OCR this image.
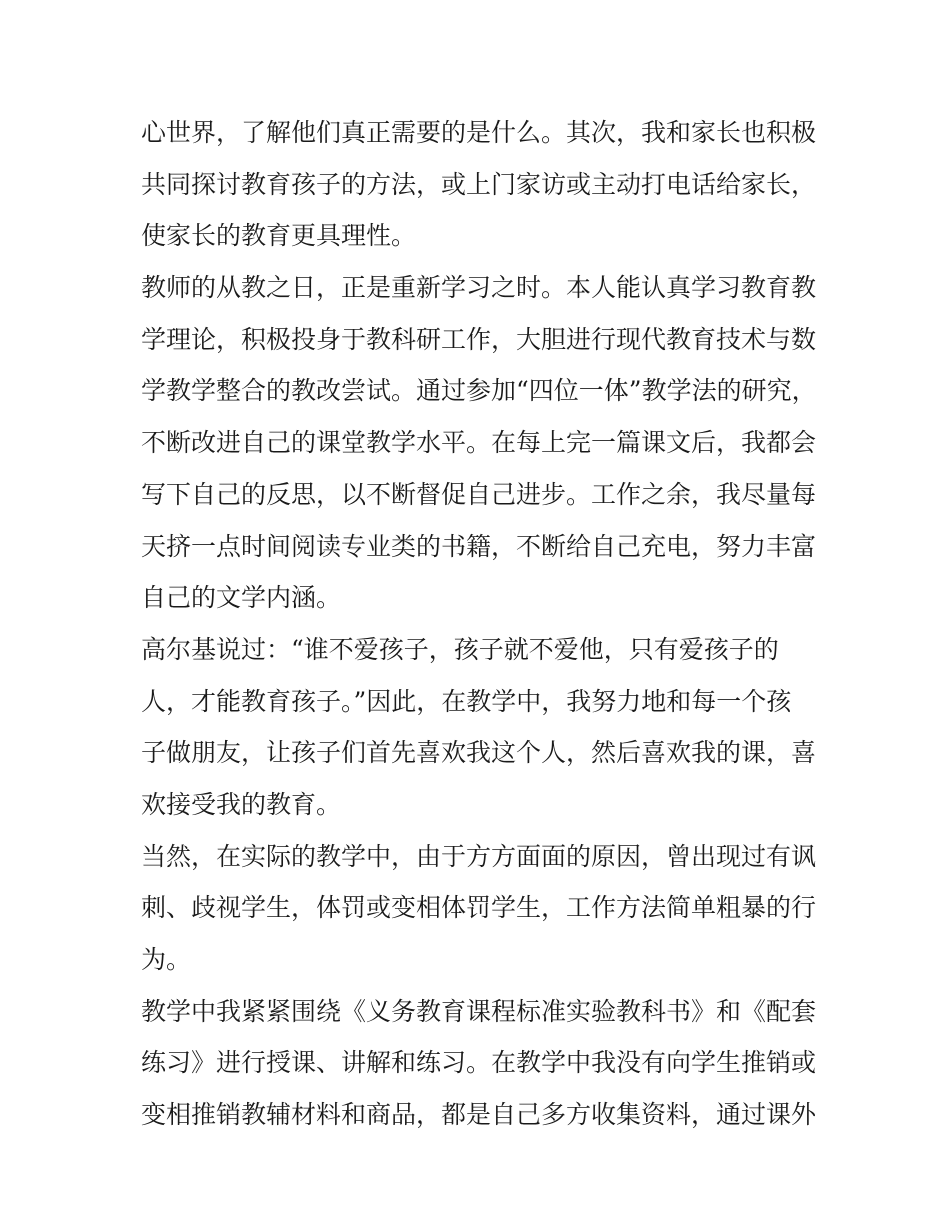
心世界，了解他们真正需要的是什么。其次，我和家长也积极
共同探讨教育孩子的方法，或上门家访或主动打电话给家长，
使家长的教育更具理性。
教师的从教之日，正是重新学习之时。本人能认真学习教育教
学理论，积极投身于教科研工作，大胆进行现代教育技术与数
学教学整合的教改尝试。通过参加“四位一体”教学法的研究，
不断改进自己的课堂教学水平。在每上完一篇课文后，我都会
写下自己的反思，以不断督促自己进步。工作之余，我尽量每
天挤一点时间阅读专业类的书籍，不断给自己充电，努力丰富
自己的文学内涵。
高尔基说过：“谁不爱孩子，孩子就不爱他，只有爱孩子的
人，才能教育孩子。”因此，在教学中，我努力地和每一个孩
子做朋友，让孩子们首先喜欢我这个人，然后喜欢我的课，喜
欢接受我的教育。
当然，在实际的教学中，由于方方面面的原因，曾出现过有讽
刺、歧视学生，体罚或变相体罚学生，工作方法简单粗暴的行
为。
教学中我紧紧围绕《义务教育课程标准实验教科书》和《配套
练习》进行授课、讲解和练习。在教学中我没有向学生推销或
变相推销教辅材料和商品，都是自己多方收集资料，通过课外
